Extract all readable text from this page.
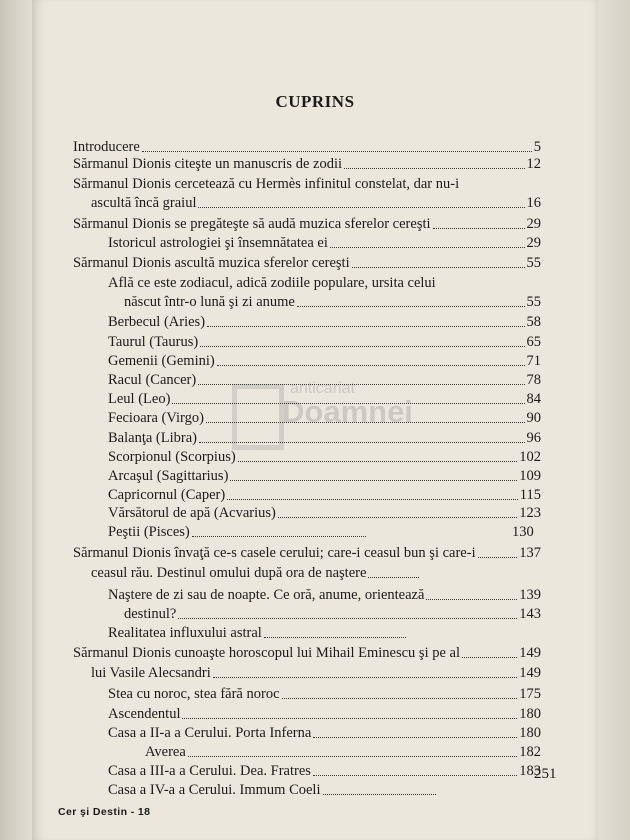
CUPRINS
anticariat
Doamnei
Introducere	5
Sărmanul Dionis citeşte un manuscris de zodii	12
Sărmanul Dionis cercetează cu Hermès infinitul constelat, dar nu-i
ascultă încă graiul	16
Sărmanul Dionis se pregăteşte să audă muzica sferelor cereşti	29
Istoricul astrologiei şi însemnătatea ei	29
Sărmanul Dionis ascultă muzica sferelor cereşti	55
Află ce este zodiacul, adică zodiile populare, ursita celui
născut într-o lună şi zi anume	55
Berbecul (Aries)	58
Taurul (Taurus)	65
Gemenii (Gemini)	71
Racul (Cancer)	78
Leul (Leo)	84
Fecioara (Virgo)	90
Balanţa (Libra)	96
Scorpionul (Scorpius)	102
Arcaşul (Sagittarius)	109
Capricornul (Caper)	115
Vărsătorul de apă (Acvarius)	123
Peştii (Pisces)	130
Sărmanul Dionis învaţă ce-s casele cerului; care-i ceasul bun şi care-i	137
ceasul rău. Destinul omului după ora de naştere
Naştere de zi sau de noapte. Ce oră, anume, orientează	139
destinul?	143
Realitatea influxului astral
Sărmanul Dionis cunoaşte horoscopul lui Mihail Eminescu şi pe al	149
lui Vasile Alecsandri	149
Stea cu noroc, stea fără noroc	175
Ascendentul	180
Casa a II-a a Cerului. Porta Inferna	180
Averea	182
Casa a III-a a Cerului. Dea. Fratres	183
Casa a IV-a a Cerului. Immum Coeli
251
Cer şi Destin - 18
